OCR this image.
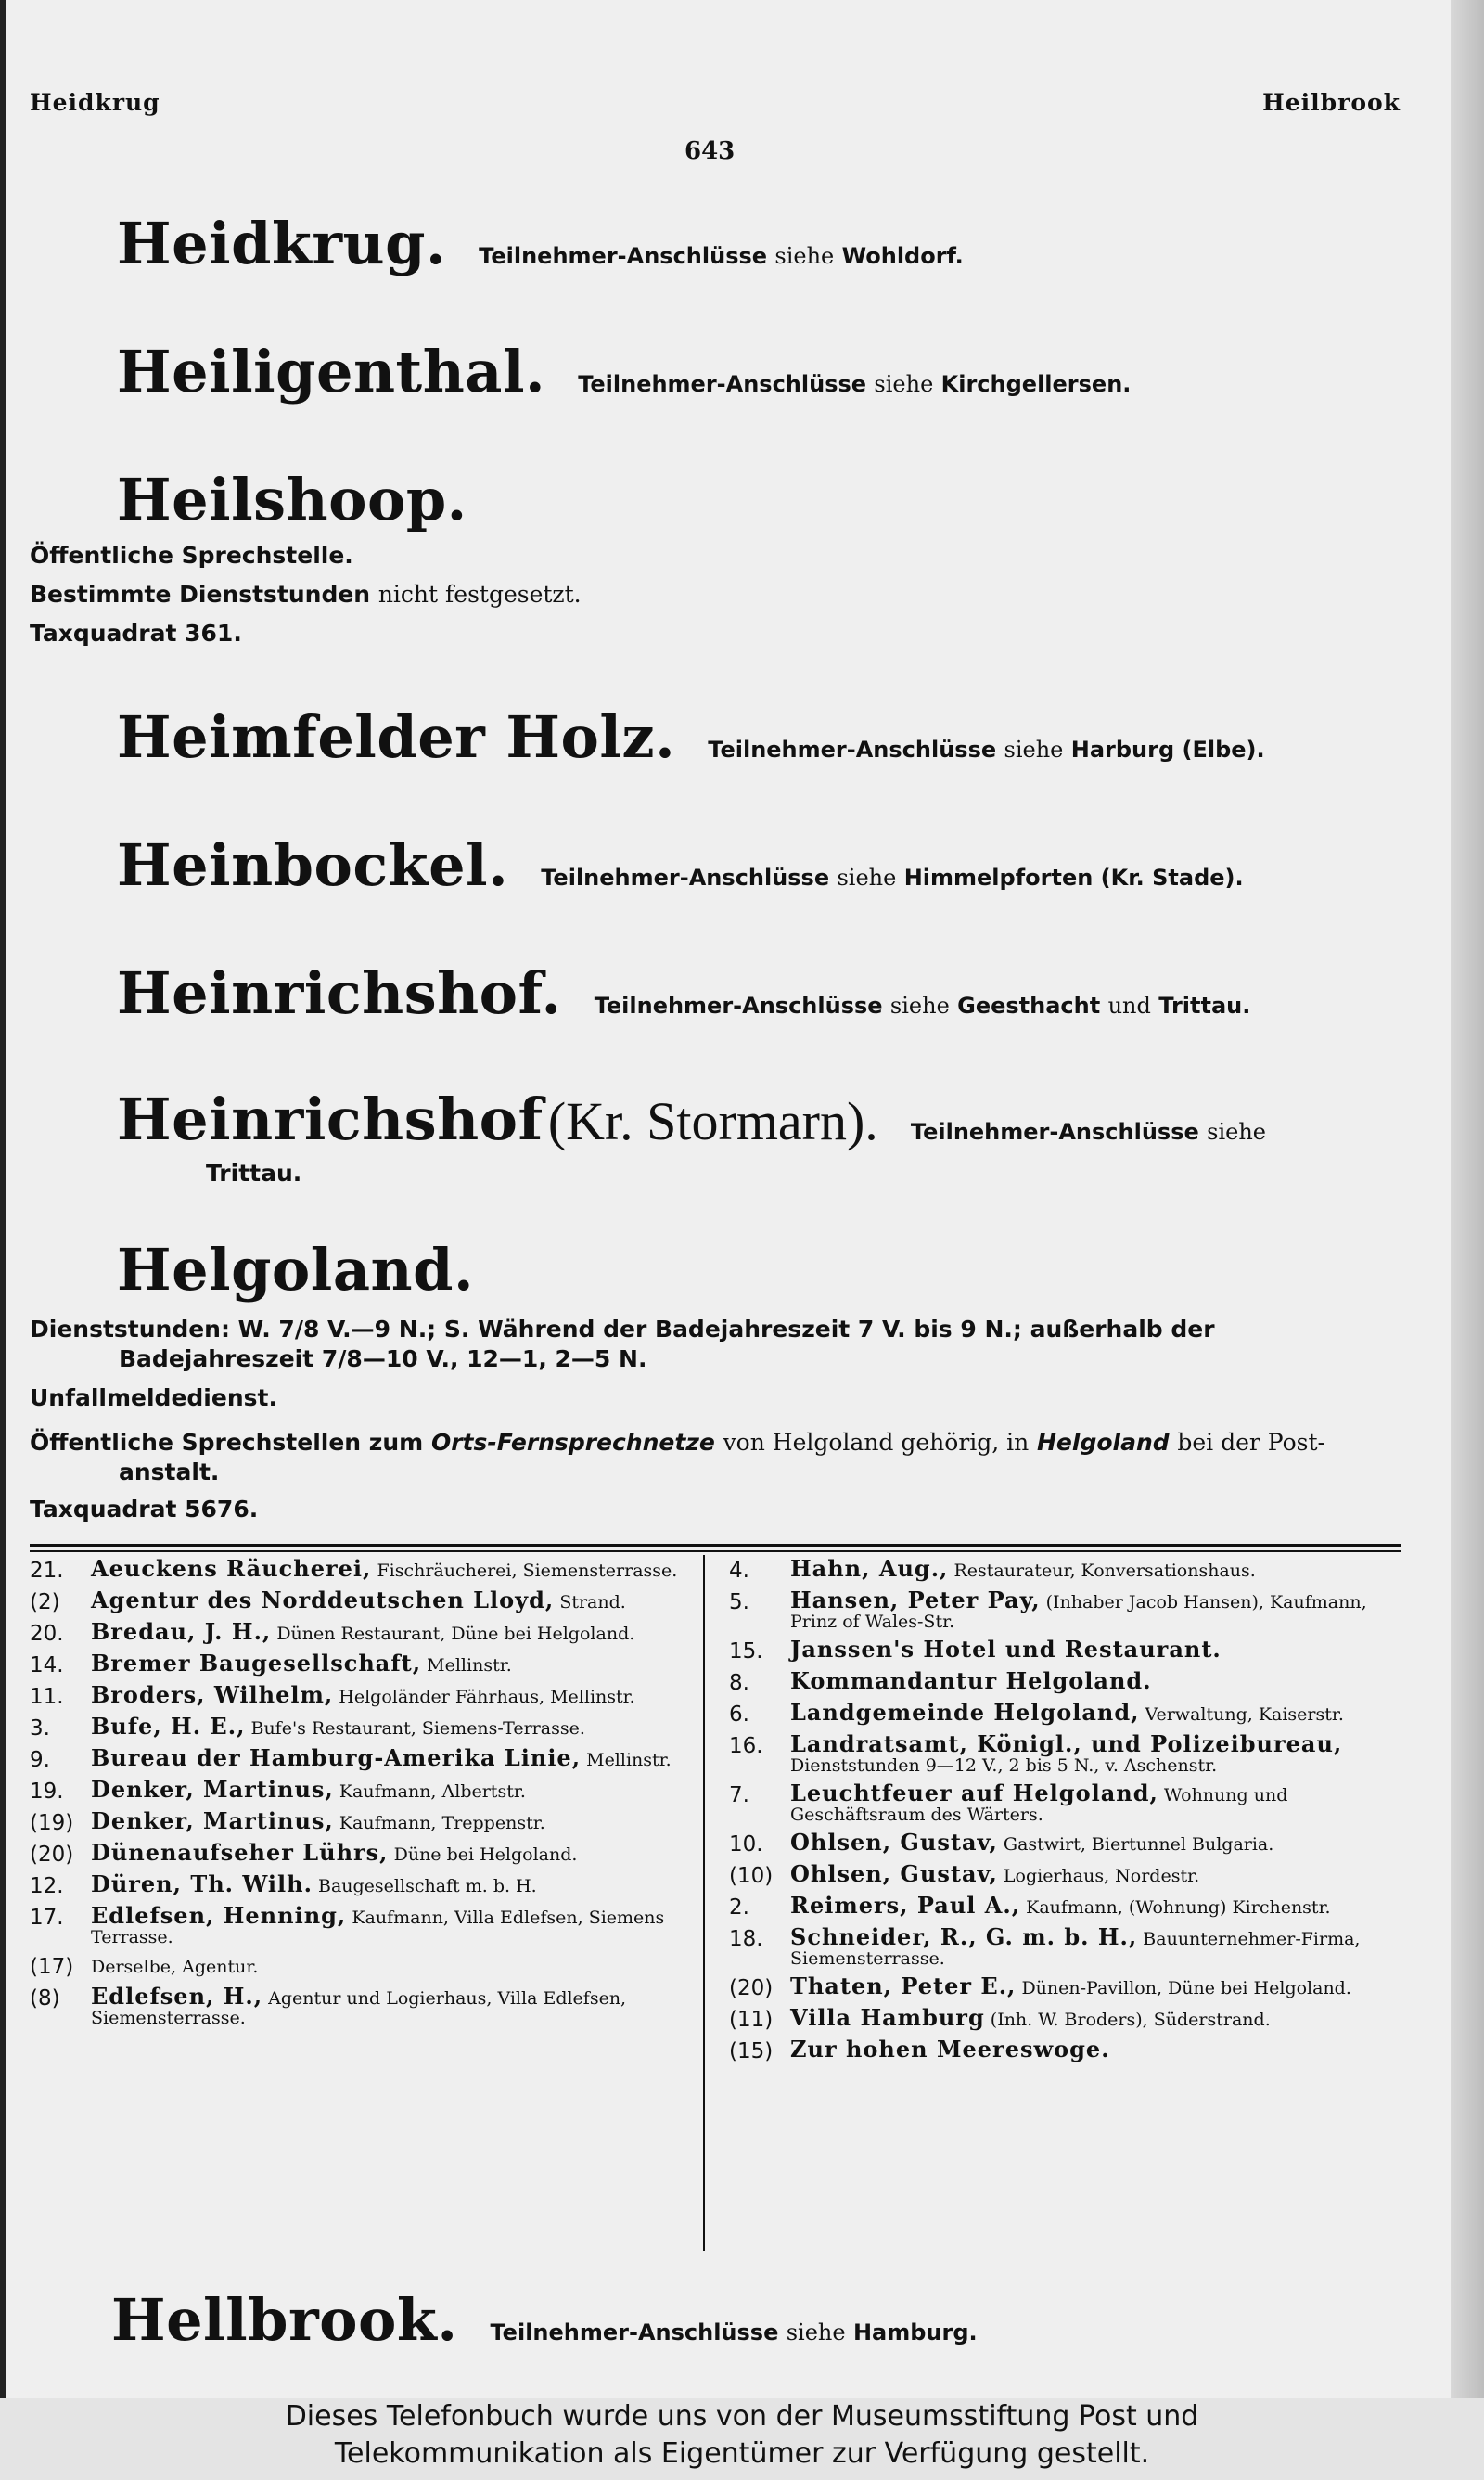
Heidkrug	Heilbrook
643
Heidkrug. Teilnehmer-Anschlüsse siehe Wohldorf.
Heiligenthal. Teilnehmer-Anschlüsse siehe Kirchgellersen.
Heilshoop.
Öffentliche Sprechstelle.
Bestimmte Dienststunden nicht festgesetzt.
Taxquadrat 361.
Heimfelder Holz. Teilnehmer-Anschlüsse siehe Harburg (Elbe).
Heinbockel. Teilnehmer-Anschlüsse siehe Himmelpforten (Kr. Stade).
Heinrichshof. Teilnehmer-Anschlüsse siehe Geesthacht und Trittau.
Heinrichshof (Kr. Stormarn). Teilnehmer-Anschlüsse siehe
Trittau.
Helgoland.
Dienststunden: W. 7/8 V.—9 N.; S. Während der Badejahreszeit 7 V. bis 9 N.; außerhalb der
Badejahreszeit 7/8—10 V., 12—1, 2—5 N.
Unfallmeldedienst.
Öffentliche Sprechstellen zum Orts-Fernsprechnetze von Helgoland gehörig, in Helgoland bei der Post-
anstalt.
Taxquadrat 5676.
21.	Aeuckens Räucherei, Fischräucherei, Siemensterrasse.
(2)	Agentur des Norddeutschen Lloyd, Strand.
20.	Bredau, J. H., Dünen Restaurant, Düne bei Helgoland.
14.	Bremer Baugesellschaft, Mellinstr.
11.	Broders, Wilhelm, Helgoländer Fährhaus, Mellinstr.
3.	Bufe, H. E., Bufe's Restaurant, Siemens-Terrasse.
9.	Bureau der Hamburg-Amerika Linie, Mellinstr.
19.	Denker, Martinus, Kaufmann, Albertstr.
(19) Denker, Martinus, Kaufmann, Treppenstr.
(20) Dünenaufseher Lührs, Düne bei Helgoland.
12.	Düren, Th. Wilh. Baugesellschaft m. b. H.
17.	Edlefsen, Henning, Kaufmann, Villa Edlefsen, Siemens Terrasse.
(17) Derselbe, Agentur.
(8)	Edlefsen, H., Agentur und Logierhaus, Villa Edlefsen, Siemensterrasse.
4.	Hahn, Aug., Restaurateur, Konversationshaus.
5.	Hansen, Peter Pay, (Inhaber Jacob Hansen), Kaufmann, Prinz of Wales-Str.
15.	Janssen's Hotel und Restaurant.
8.	Kommandantur Helgoland.
6.	Landgemeinde Helgoland, Verwaltung, Kaiserstr.
16.	Landratsamt, Königl., und Polizeibureau, Dienststunden 9—12 V., 2 bis 5 N., v. Aschenstr.
7.	Leuchtfeuer auf Helgoland, Wohnung und Geschäftsraum des Wärters.
10.	Ohlsen, Gustav, Gastwirt, Biertunnel Bulgaria.
(10) Ohlsen, Gustav, Logierhaus, Nordestr.
2.	Reimers, Paul A., Kaufmann, (Wohnung) Kirchenstr.
18.	Schneider, R., G. m. b. H., Bauunternehmer-Firma, Siemensterrasse.
(20) Thaten, Peter E., Dünen-Pavillon, Düne bei Helgoland.
(11) Villa Hamburg (Inh. W. Broders), Süderstrand.
(15) Zur hohen Meereswoge.
Hellbrook. Teilnehmer-Anschlüsse siehe Hamburg.
Dieses Telefonbuch wurde uns von der Museumsstiftung Post und
Telekommunikation als Eigentümer zur Verfügung gestellt.
